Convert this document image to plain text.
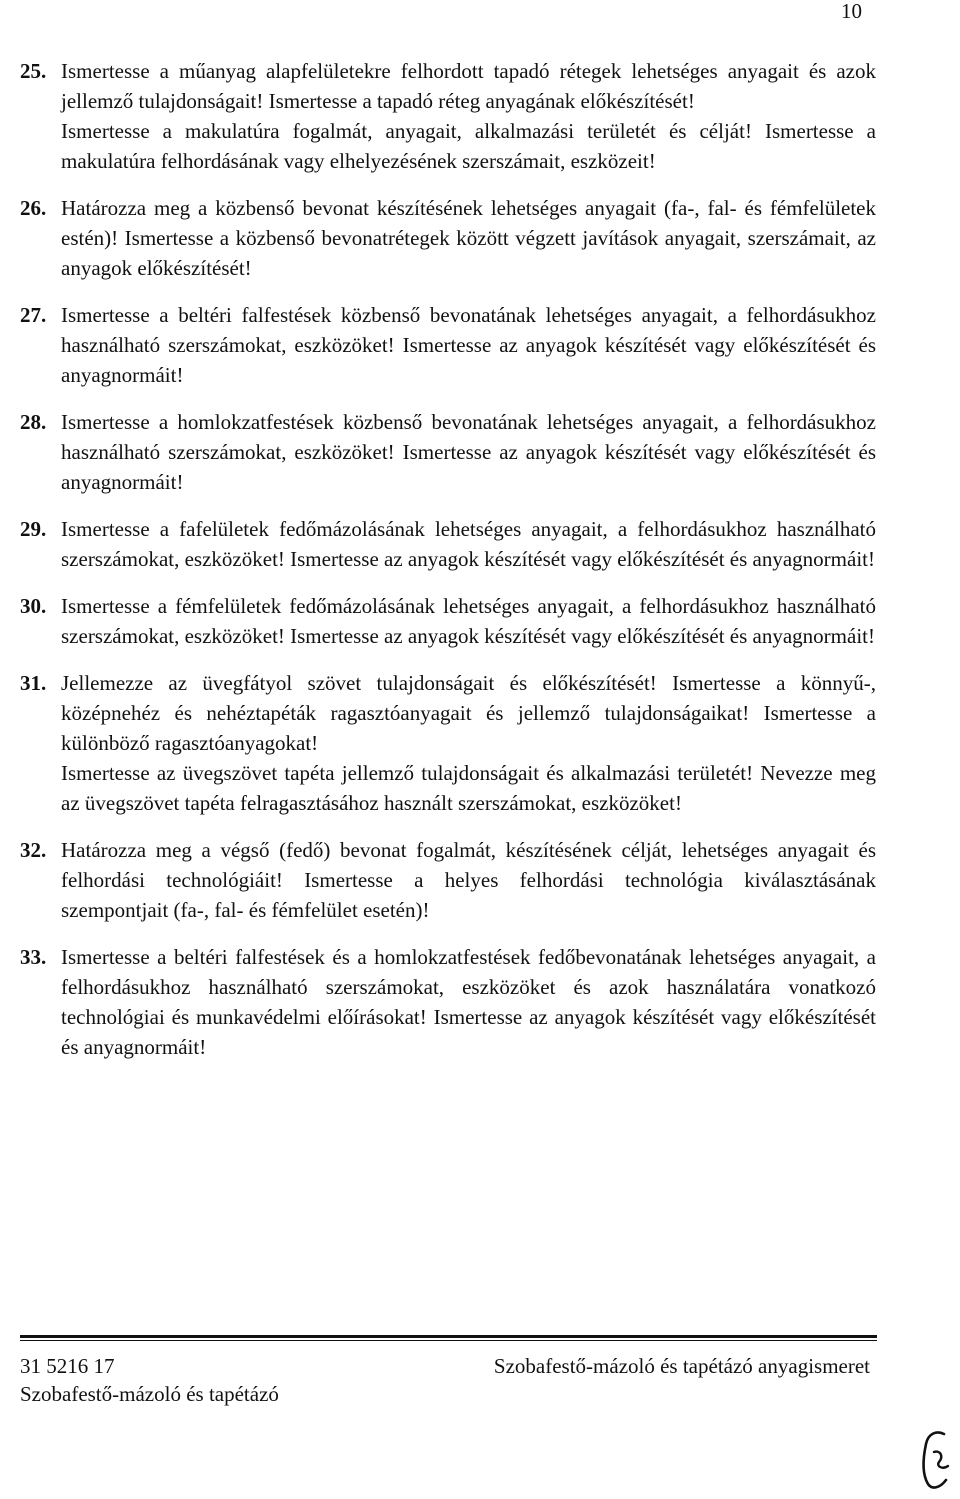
10
25. Ismertesse a műanyag alapfelületekre felhordott tapadó rétegek lehetséges anyagait és azok jellemző tulajdonságait! Ismertesse a tapadó réteg anyagának előkészítését!

Ismertesse a makulatúra fogalmát, anyagait, alkalmazási területét és célját! Ismertesse a makulatúra felhordásának vagy elhelyezésének szerszámait, eszközeit!

26. Határozza meg a közbenső bevonat készítésének lehetséges anyagait (fa-, fal- és fémfelületek estén)! Ismertesse a közbenső bevonatrétegek között végzett javítások anyagait, szerszámait, az anyagok előkészítését!

27. Ismertesse a beltéri falfestések közbenső bevonatának lehetséges anyagait, a felhordásukhoz használható szerszámokat, eszközöket! Ismertesse az anyagok készítését vagy előkészítését és anyagnormáit!

28. Ismertesse a homlokzatfestések közbenső bevonatának lehetséges anyagait, a felhordásukhoz használható szerszámokat, eszközöket! Ismertesse az anyagok készítését vagy előkészítését és anyagnormáit!

29. Ismertesse a fafelületek fedőmázolásának lehetséges anyagait, a felhordásukhoz használható szerszámokat, eszközöket! Ismertesse az anyagok készítését vagy előkészítését és anyagnormáit!

30. Ismertesse a fémfelületek fedőmázolásának lehetséges anyagait, a felhordásukhoz használható szerszámokat, eszközöket! Ismertesse az anyagok készítését vagy előkészítését és anyagnormáit!

31. Jellemezze az üvegfátyol szövet tulajdonságait és előkészítését! Ismertesse a könnyű-, középnehéz és nehéztapéták ragasztóanyagait és jellemző tulajdonságaikat! Ismertesse a különböző ragasztóanyagokat!

Ismertesse az üvegszövet tapéta jellemző tulajdonságait és alkalmazási területét! Nevezze meg az üvegszövet tapéta felragasztásához használt szerszámokat, eszközöket!

32. Határozza meg a végső (fedő) bevonat fogalmát, készítésének célját, lehetséges anyagait és felhordási technológiáit! Ismertesse a helyes felhordási technológia kiválasztásának szempontjait (fa-, fal- és fémfelület esetén)!

33. Ismertesse a beltéri falfestések és a homlokzatfestések fedőbevonatának lehetséges anyagait, a felhordásukhoz használható szerszámokat, eszközöket és azok használatára vonatkozó technológiai és munkavédelmi előírásokat! Ismertesse az anyagok készítését vagy előkészítését és anyagnormáit!

31 5216 17
Szobafestő-mázoló és tapétázó
Szobafestő-mázoló és tapétázó anyagismeret
